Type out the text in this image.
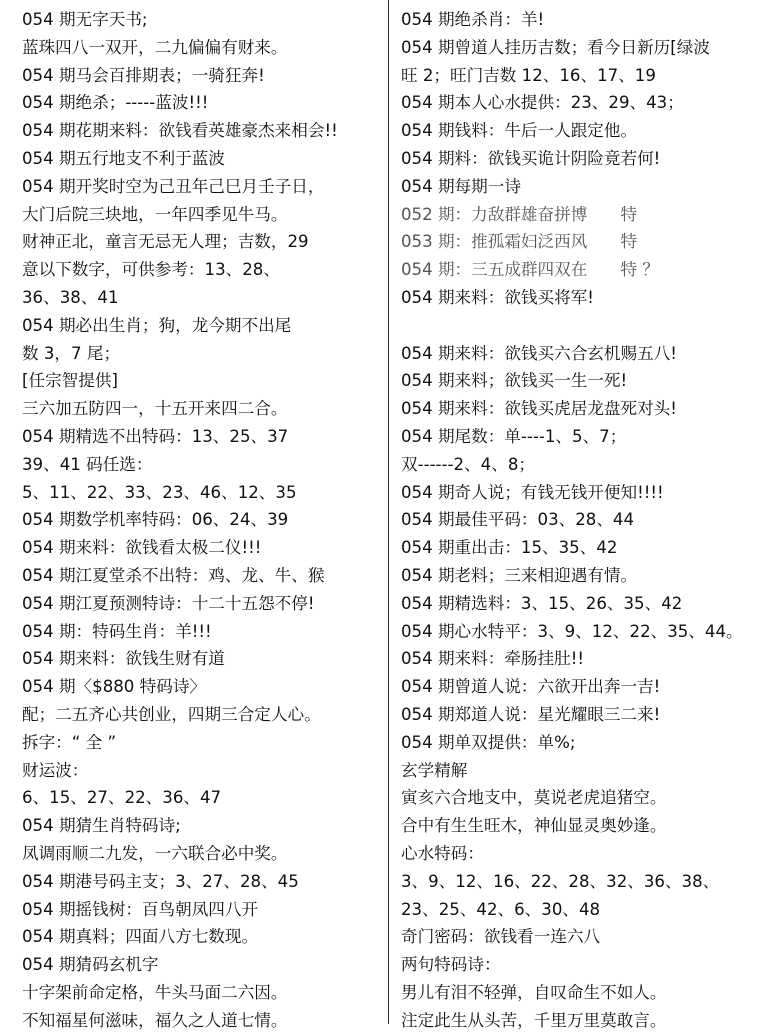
054 期无字天书;
蓝珠四八一双开，二九偏偏有财来。
054 期马会百排期表；一骑狂奔!
054 期绝杀；-----蓝波!!!
054 期花期来料：欲钱看英雄豪杰来相会!!
054 期五行地支不利于蓝波
054 期开奖时空为己丑年己巳月壬子日，
大门后院三块地，一年四季见牛马。
财神正北，童言无忌无人理；吉数，29
意以下数字，可供参考：13、28、
36、38、41
054 期必出生肖；狗，龙今期不出尾
数 3，7 尾；
[任宗智提供]
三六加五防四一，十五开来四二合。
054 期精选不出特码：13、25、37
39、41 码任选：
5、11、22、33、23、46、12、35
054 期数学机率特码：06、24、39
054 期来料：欲钱看太极二仪!!!
054 期江夏堂杀不出特：鸡、龙、牛、猴
054 期江夏预测特诗：十二十五怨不停!
054 期：特码生肖：羊!!!
054 期来料：欲钱生财有道
054 期〈$880 特码诗〉
配；二五齐心共创业，四期三合定人心。
拆字：“ 全 ”
财运波：
6、15、27、22、36、47
054 期猜生肖特码诗;
凤调雨顺二九发，一六联合必中奖。
054 期港号码主支；3、27、28、45
054 期摇钱树：百鸟朝凤四八开
054 期真料；四面八方七数现。
054 期猜码玄机字
十字架前命定格，牛头马面二六因。
不知福星何滋味，福久之人道七情。
054 期绝杀肖：羊!
054 期曾道人挂历吉数；看今日新历[绿波
旺 2；旺门吉数 12、16、17、19
054 期本人心水提供：23、29、43；
054 期钱料：牛后一人跟定他。
054 期料：欲钱买诡计阴险竟若何!
054 期每期一诗
052 期：力敌群雄奋拼博　　特
053 期：推孤霜妇泛西风　　特
054 期：三五成群四双在　　特 ？
054 期来料：欲钱买将军!
054 期来料：欲钱买六合玄机赐五八!
054 期来料；欲钱买一生一死!
054 期来料：欲钱买虎居龙盘死对头!
054 期尾数：单----1、5、7；
双------2、4、8；
054 期奇人说；有钱无钱开便知!!!!
054 期最佳平码：03、28、44
054 期重出击：15、35、42
054 期老料；三来相迎遇有情。
054 期精选料：3、15、26、35、42
054 期心水特平：3、9、12、22、35、44。
054 期来料：牵肠挂肚!!
054 期曾道人说：六欲开出奔一吉!
054 期郑道人说：星光耀眼三二来!
054 期单双提供：单%;
玄学精解
寅亥六合地支中，莫说老虎追猪空。
合中有生生旺木，神仙显灵奥妙逢。
心水特码：
3、9、12、16、22、28、32、36、38、
23、25、42、6、30、48
奇门密码：欲钱看一连六八
两句特码诗：
男儿有泪不轻弹，自叹命生不如人。
注定此生从头苦，千里万里莫敢言。
